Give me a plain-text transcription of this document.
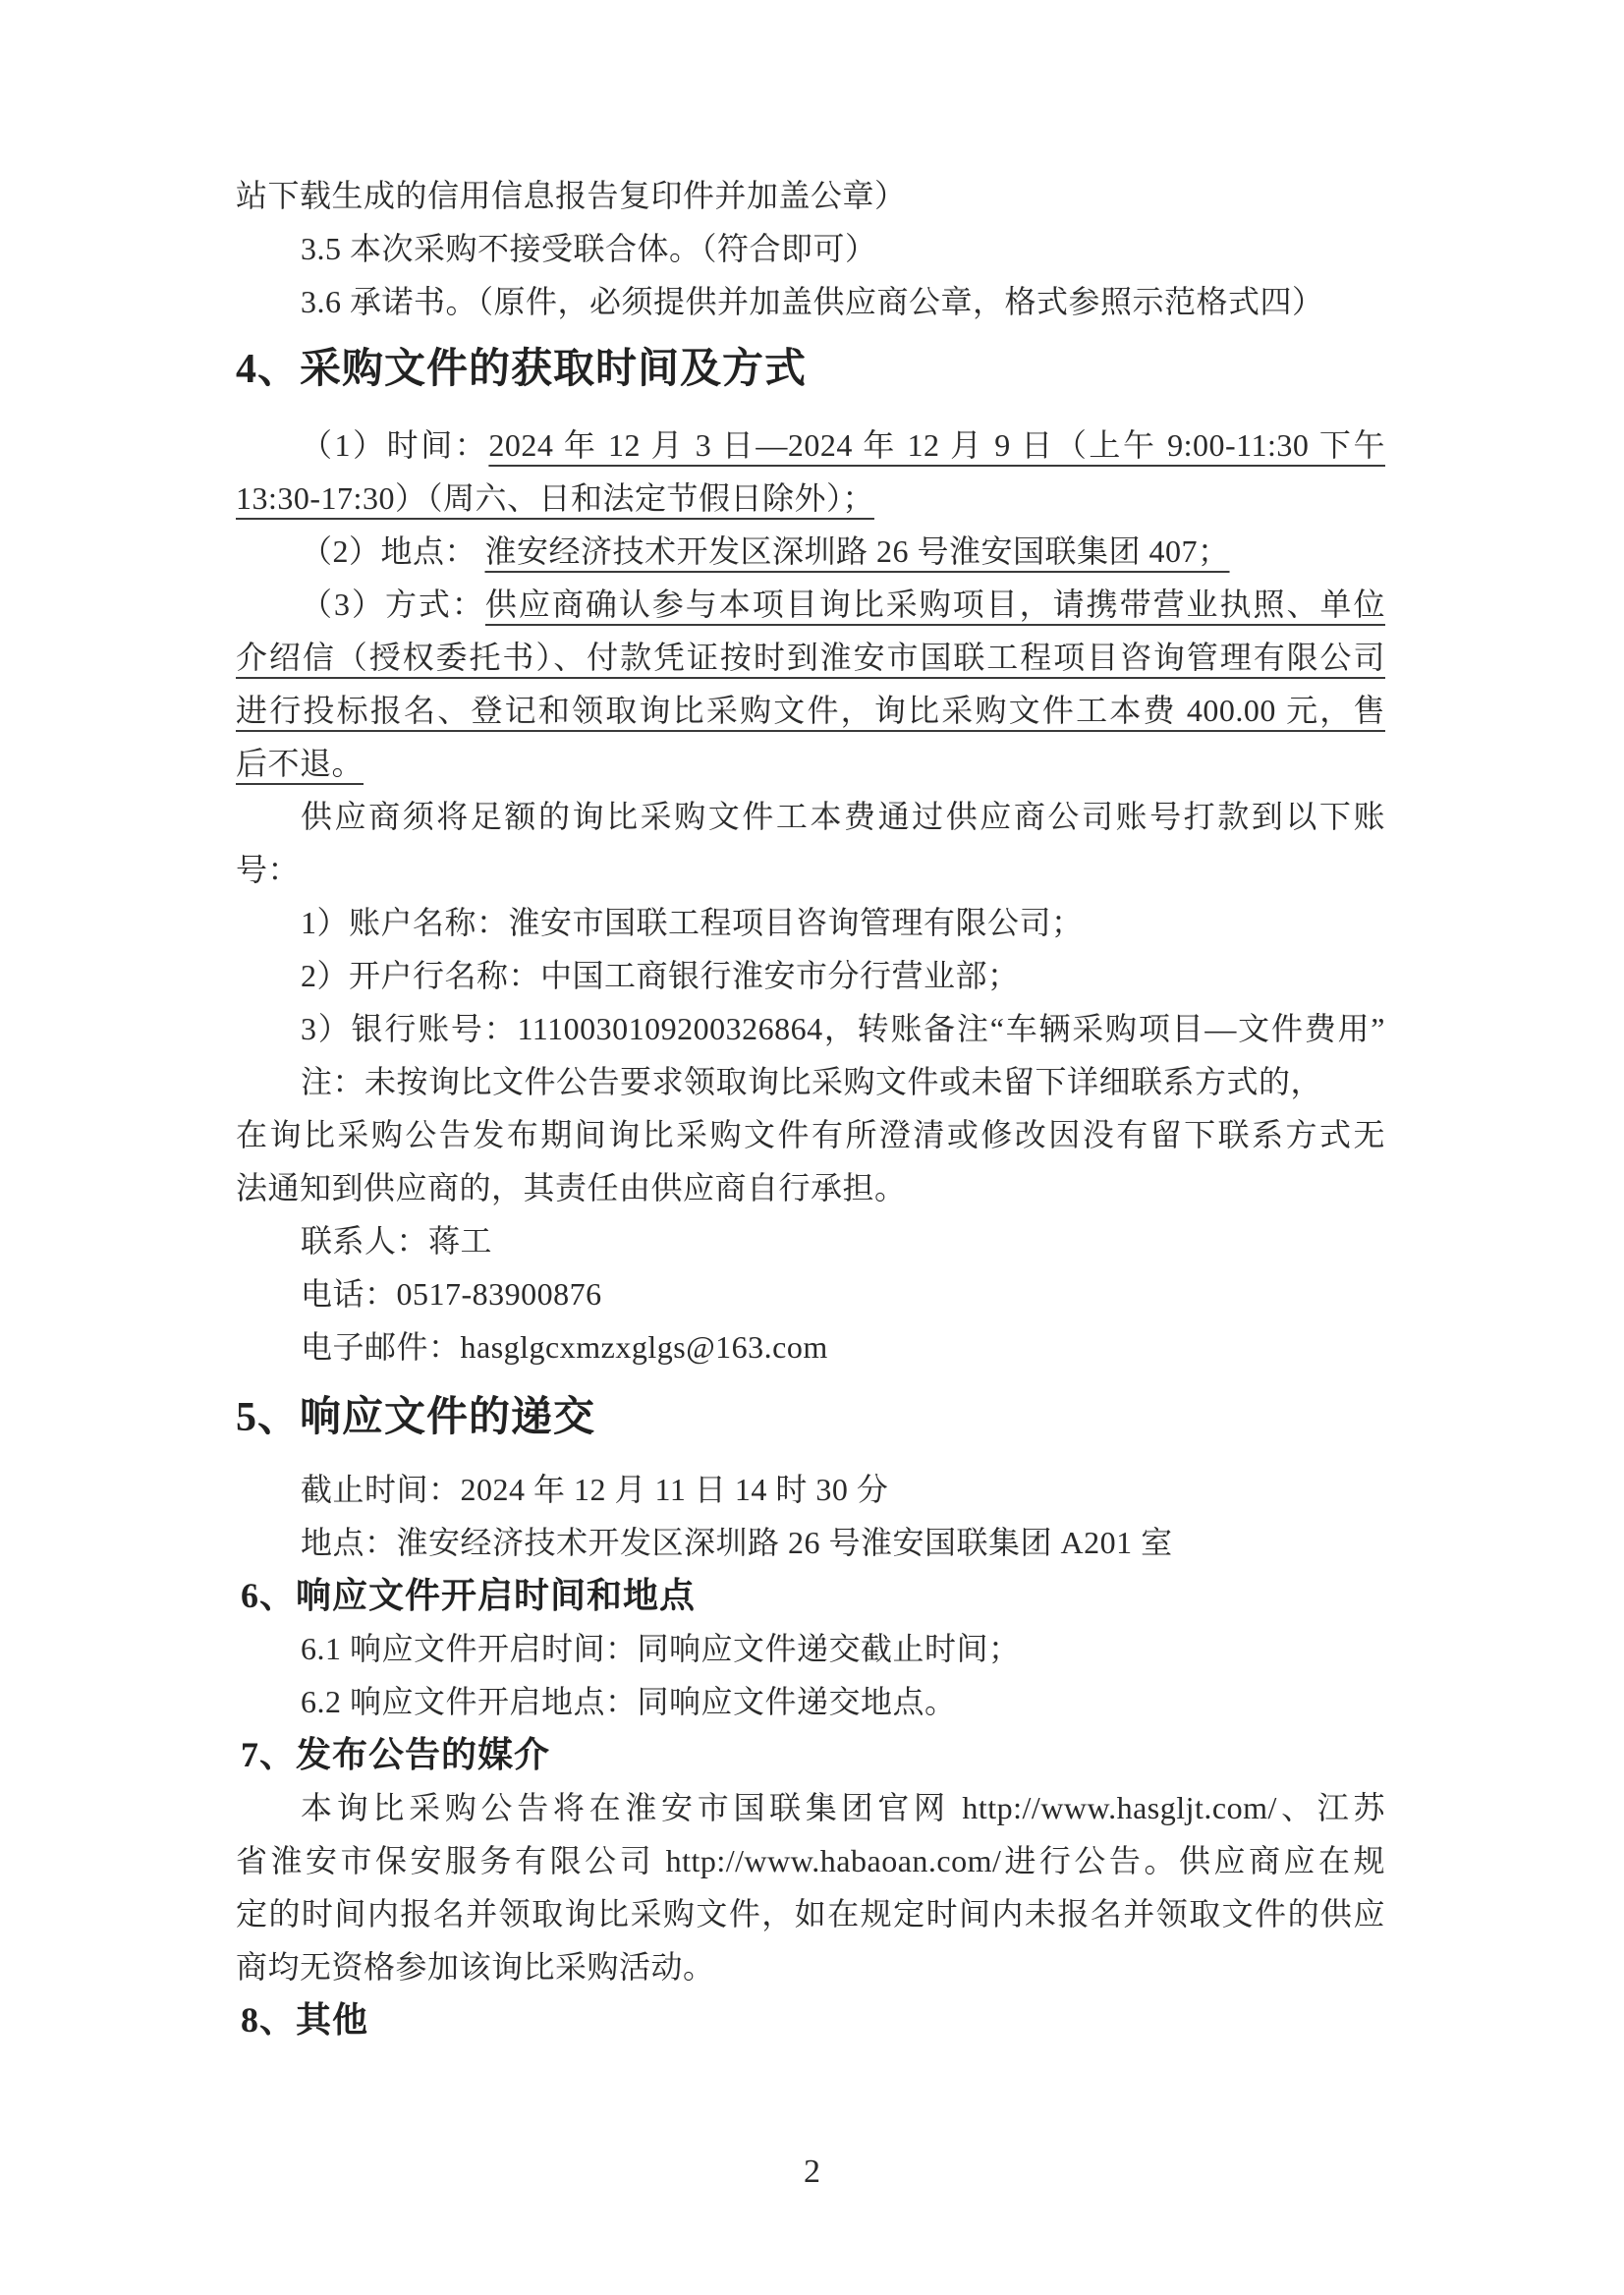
站下载生成的信用信息报告复印件并加盖公章）
3.5 本次采购不接受联合体。（符合即可）
3.6 承诺书。（原件，必须提供并加盖供应商公章，格式参照示范格式四）
4、采购文件的获取时间及方式
（1）时间：2024 年 12 月 3 日—2024 年 12 月 9 日（上午 9:00-11:30 下午
13:30-17:30）（周六、日和法定节假日除外）；
（2）地点： 淮安经济技术开发区深圳路 26 号淮安国联集团 407；
（3）方式：供应商确认参与本项目询比采购项目，请携带营业执照、单位
介绍信（授权委托书）、付款凭证按时到淮安市国联工程项目咨询管理有限公司
进行投标报名、登记和领取询比采购文件，询比采购文件工本费 400.00 元，售
后不退。
供应商须将足额的询比采购文件工本费通过供应商公司账号打款到以下账
号：
1）账户名称：淮安市国联工程项目咨询管理有限公司；
2）开户行名称：中国工商银行淮安市分行营业部；
3）银行账号：1110030109200326864，转账备注“车辆采购项目—文件费用”
注：未按询比文件公告要求领取询比采购文件或未留下详细联系方式的，
在询比采购公告发布期间询比采购文件有所澄清或修改因没有留下联系方式无
法通知到供应商的，其责任由供应商自行承担。
联系人：蒋工
电话：0517-83900876
电子邮件：hasglgcxmzxglgs@163.com
5、响应文件的递交
截止时间：2024 年 12 月 11 日 14 时 30 分
地点：淮安经济技术开发区深圳路 26 号淮安国联集团 A201 室
6、响应文件开启时间和地点
6.1 响应文件开启时间：同响应文件递交截止时间；
6.2 响应文件开启地点：同响应文件递交地点。
7、发布公告的媒介
本询比采购公告将在淮安市国联集团官网 http://www.hasgljt.com/、江苏
省淮安市保安服务有限公司 http://www.habaoan.com/进行公告。供应商应在规
定的时间内报名并领取询比采购文件，如在规定时间内未报名并领取文件的供应
商均无资格参加该询比采购活动。
8、其他
2
